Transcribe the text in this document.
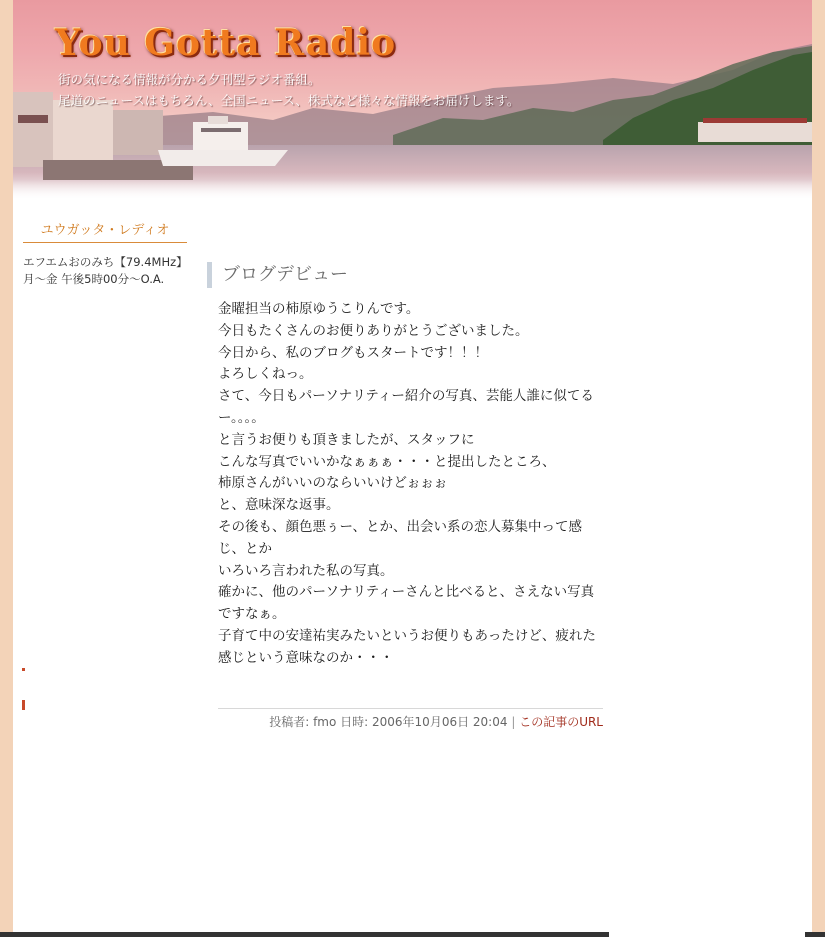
You Gotta Radio

街の気になる情報が分かる夕刊型ラジオ番組。

尾道のニュースはもちろん、全国ニュース、株式など様々な情報をお届けします。

ユウガッタ・レディオ
エフエムおのみち【79.4MHz】
月～金 午後5時00分～O.A.	ブログデビュー

金曜担当の柿原ゆうこりんです。

今日もたくさんのお便りありがとうございました。

今日から、私のブログもスタートです！！！

よろしくねっ。

さて、今日もパーソナリティー紹介の写真、芸能人誰に似てるー。。。。

と言うお便りも頂きましたが、スタッフに

こんな写真でいいかなぁぁぁ・・・と提出したところ、

柿原さんがいいのならいいけどぉぉぉ

と、意味深な返事。

その後も、顔色悪ぅー、とか、出会い系の恋人募集中って感じ、とか

いろいろ言われた私の写真。

確かに、他のパーソナリティーさんと比べると、さえない写真ですなぁ。

子育て中の安達祐実みたいというお便りもあったけど、疲れた感じという意味なのか・・・

投稿者: fmo 日時: 2006年10月06日 20:04 | この記事のURL
